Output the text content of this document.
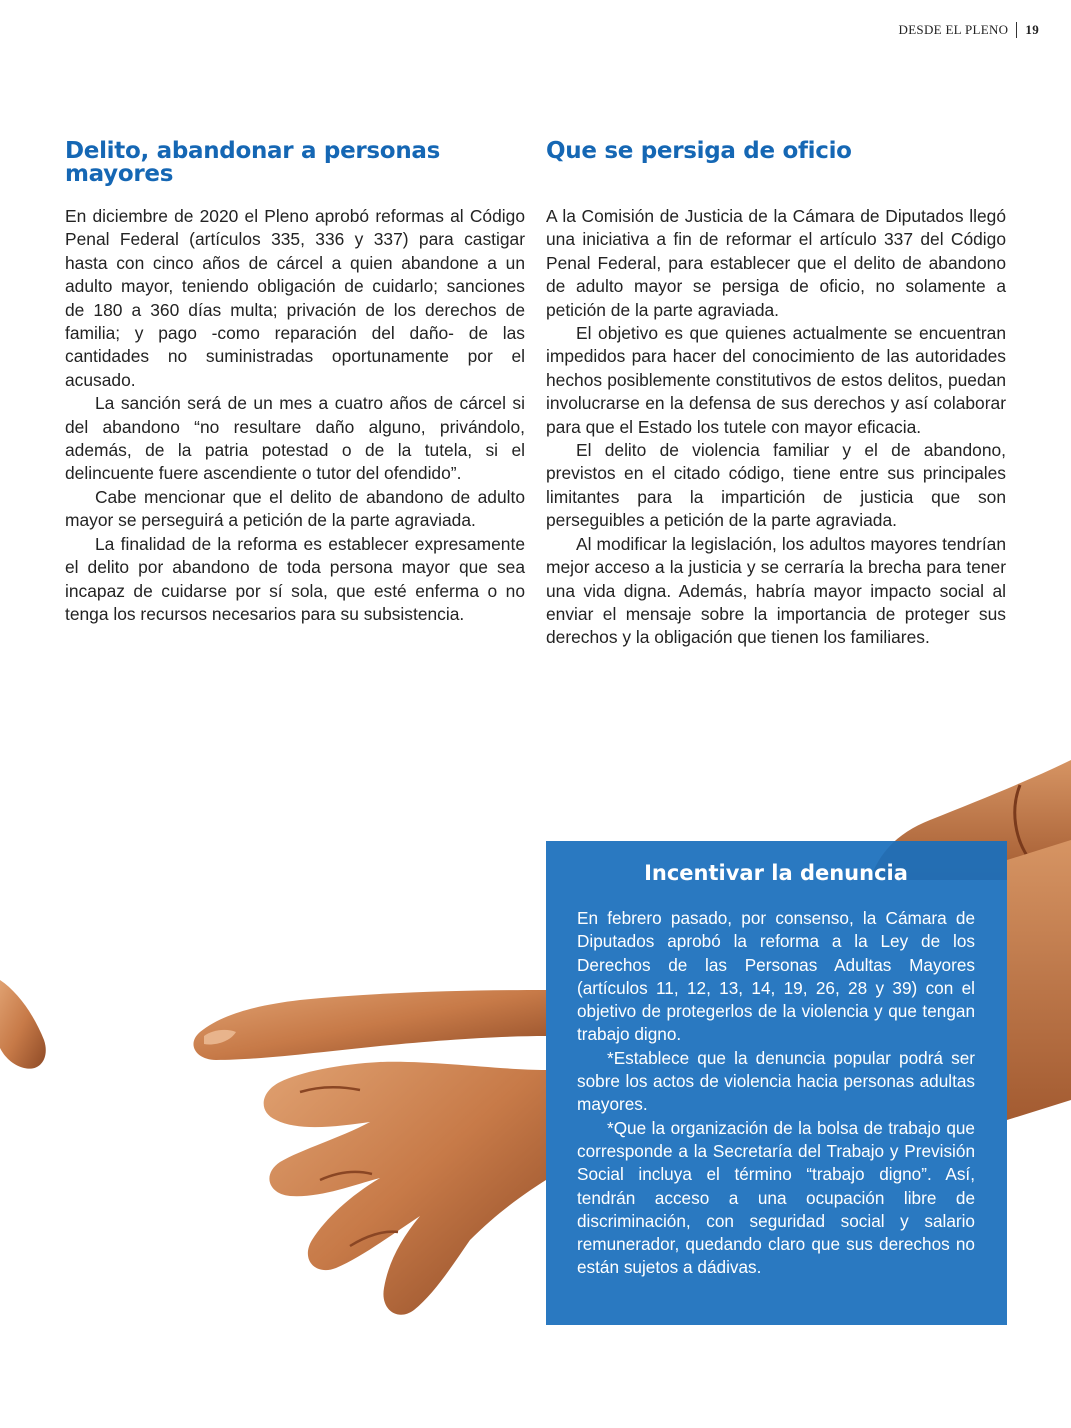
DESDE EL PLENO 19
Delito, abandonar a personas mayores

En diciembre de 2020 el Pleno aprobó reformas al Código Penal Federal (artículos 335, 336 y 337) para castigar hasta con cinco años de cárcel a quien abandone a un adulto mayor, teniendo obligación de cuidarlo; sanciones de 180 a 360 días multa; privación de los derechos de familia; y pago -como reparación del daño- de las cantidades no suministradas oportunamente por el acusado.

La sanción será de un mes a cuatro años de cárcel si del abandono “no resultare daño alguno, privándolo, además, de la patria potestad o de la tutela, si el delincuente fuere ascendiente o tutor del ofendido”.

Cabe mencionar que el delito de abandono de adulto mayor se perseguirá a petición de la parte agraviada.

La finalidad de la reforma es establecer expresamente el delito por abandono de toda persona mayor que sea incapaz de cuidarse por sí sola, que esté enferma o no tenga los recursos necesarios para su subsistencia.

Que se persiga de oficio

A la Comisión de Justicia de la Cámara de Diputados llegó una iniciativa a fin de reformar el artículo 337 del Código Penal Federal, para establecer que el delito de abandono de adulto mayor se persiga de oficio, no solamente a petición de la parte agraviada.

El objetivo es que quienes actualmente se encuentran impedidos para hacer del conocimiento de las autoridades hechos posiblemente constitutivos de estos delitos, puedan involucrarse en la defensa de sus derechos y así colaborar para que el Estado los tutele con mayor eficacia.

El delito de violencia familiar y el de abandono, previstos en el citado código, tiene entre sus principales limitantes para la impartición de justicia que son perseguibles a petición de la parte agraviada.

Al modificar la legislación, los adultos mayores tendrían mejor acceso a la justicia y se cerraría la brecha para tener una vida digna. Además, habría mayor impacto social al enviar el mensaje sobre la importancia de proteger sus derechos y la obligación que tienen los familiares.

Incentivar la denuncia

En febrero pasado, por consenso, la Cámara de Diputados aprobó la reforma a la Ley de los Derechos de las Personas Adultas Mayores (artículos 11, 12, 13, 14, 19, 26, 28 y 39) con el objetivo de protegerlos de la violencia y que tengan trabajo digno.

*Establece que la denuncia popular podrá ser sobre los actos de violencia hacia personas adultas mayores.

*Que la organización de la bolsa de trabajo que corresponde a la Secretaría del Trabajo y Previsión Social incluya el término “trabajo digno”. Así, tendrán acceso a una ocupación libre de discriminación, con seguridad social y salario remunerador, quedando claro que sus derechos no están sujetos a dádivas.
